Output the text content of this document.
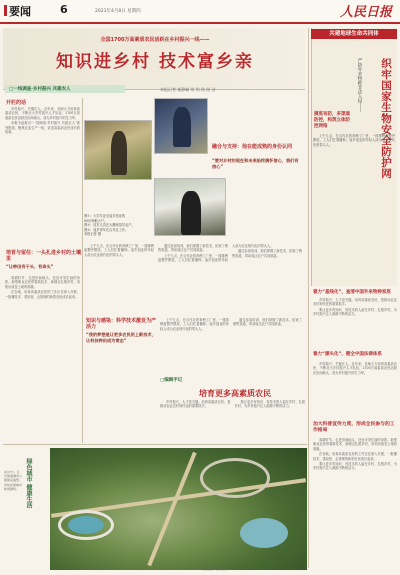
要闻	6	2021年4月8日 星期四	人民日报
全国1700万高素质农民活跃在乡村振兴一线——
知识进乡村 技术富乡亲
□一线调查·乡村振兴 共建农人	本报记者 郁静娴 常 钦 欧 阳 洁
开栏的话

乡村振兴，关键在人。近年来，各地大力培育高素质农民，不断壮大乡村振兴人才队伍，1700万高素质农民活跃在田间地头，成为乡村振兴的生力军。

本报今起推出“一线调查·乡村振兴 共建农人”系列报道，聚焦农业生产一线，讲述高素质农民成长的故事。

培育与留住：一头扎进乡村的土壤里
“让种田有干头、有奔头”

春耕时节，走进田间地头，处处可见忙碌的身影。新型职业农民带着新技术、新理念扎根乡村，用知识改变土地的面貌。

在各地，培育高素质农民的工作正在深入开展，一批懂技术、善经营、会管理的新型农民成长起来。

图①：大学毕业后返乡创业的
90后种粮大户。
图②：技术人员在大棚里指导农户。
图③：返乡青年在合作社工作。
本报记者 摄
融合与支持：他在能成熟的身份认同
“要对乡村的现在和未来始终满怀信心，我们有信心”

上午九点，在合作社的育秧工厂里，一排排秧盘整齐摆放，工人们忙着播种。返乡创业的年轻人成为农业现代化的带头人。

通过参加培训，他们掌握了新技术，拓宽了销售渠道，带动周边农户共同致富。

上午九点，在合作社的育秧工厂里，一排排秧盘整齐摆放，工人们忙着播种。返乡创业的年轻人成为农业现代化的带头人。

通过参加培训，他们掌握了新技术，拓宽了销售渠道，带动周边农户共同致富。

知识与感染：科学技术激发为产活力
“我的梦想是让更多农民用上新技术，让科技种田成为常态”

上午九点，在合作社的育秧工厂里，一排排秧盘整齐摆放，工人们忙着播种。返乡创业的年轻人成为农业现代化的带头人。

通过参加培训，他们掌握了新技术，拓宽了销售渠道，带动周边农户共同致富。

□编辑手记
培育更多高素质农民

乡村振兴，人才是关键。培育高素质农民，是推动农业农村现代化的重要抓手。

要让更多有知识、有技术的人留在乡村、扎根乡村，为乡村振兴注入源源不断的活力。

共建地球生命共同体
严防外来物种非法入侵——	织牢国家生物安全防护网
摸底布防，多渠道防控，构筑立体防控网络

上午九点，在合作社的育秧工厂里，一排排秧盘整齐摆放，工人们忙着播种。返乡创业的年轻人成为农业现代化的带头人。

着力“基线化”，查清中国外来物种家底

乡村振兴，人才是关键。培育高素质农民，是推动农业农村现代化的重要抓手。

要让更多有知识、有技术的人留在乡村、扎根乡村，为乡村振兴注入源源不断的活力。

着力“源头化”，健全中国法律体系

乡村振兴，关键在人。近年来，各地大力培育高素质农民，不断壮大乡村振兴人才队伍，1700万高素质农民活跃在田间地头，成为乡村振兴的生力军。

加大科普宣传力度，形成全民参与的工作格局

春耕时节，走进田间地头，处处可见忙碌的身影。新型职业农民带着新技术、新理念扎根乡村，用知识改变土地的面貌。

在各地，培育高素质农民的工作正在深入开展，一批懂技术、善经营、会管理的新型农民成长起来。

要让更多有知识、有技术的人留在乡村、扎根乡村，为乡村振兴注入源源不断的活力。

绿色城市 健康生活
4月7日，江苏某地城市公园绿意盎然，市民在绿地中休闲游玩。
本版责编：张 某 某
